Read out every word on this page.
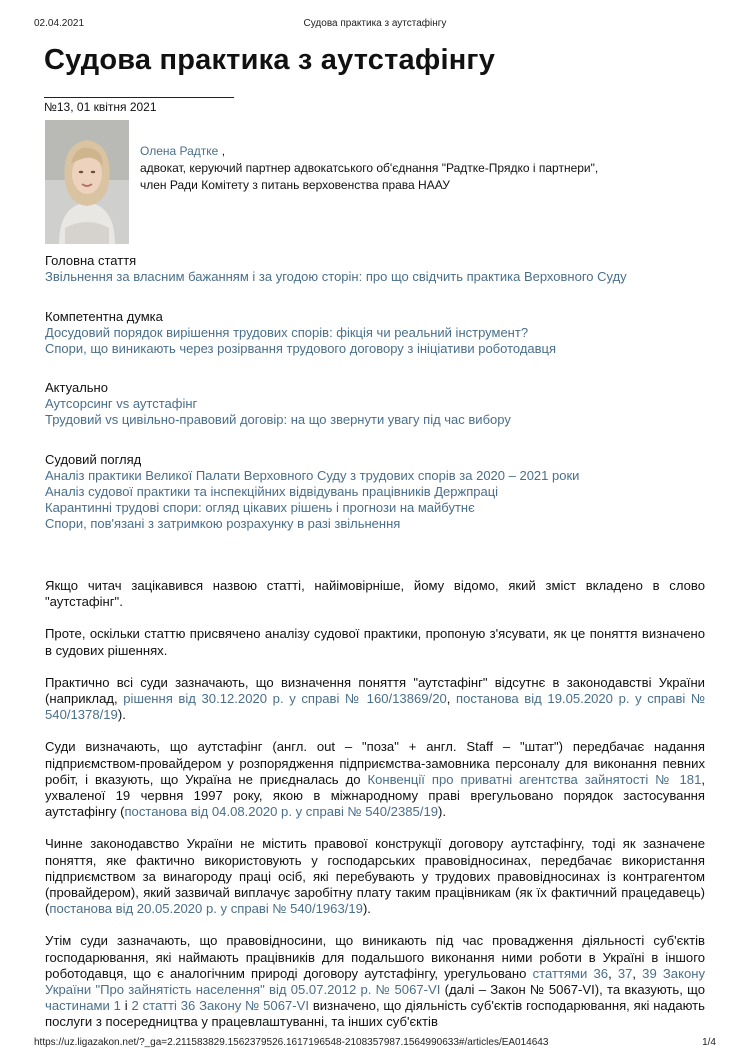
02.04.2021	Судова практика з аутстафінгу
Судова практика з аутстафінгу
№13, 01 квітня 2021
Олена Радтке ,
адвокат, керуючий партнер адвокатського об'єднання "Радтке-Прядко і партнери",
член Ради Комітету з питань верховенства права НААУ
Головна стаття
Звільнення за власним бажанням і за угодою сторін: про що свідчить практика Верховного Суду
Компетентна думка
Досудовий порядок вирішення трудових спорів: фікція чи реальний інструмент?
Спори, що виникають через розірвання трудового договору з ініціативи роботодавця
Актуально
Аутсорсинг vs аутстафінг
Трудовий vs цивільно-правовий договір: на що звернути увагу під час вибору
Судовий погляд
Аналіз практики Великої Палати Верховного Суду з трудових спорів за 2020 – 2021 роки
Аналіз судової практики та інспекційних відвідувань працівників Держпраці
Карантинні трудові спори: огляд цікавих рішень і прогнози на майбутнє
Спори, пов'язані з затримкою розрахунку в разі звільнення

Якщо читач зацікавився назвою статті, найімовірніше, йому відомо, який зміст вкладено в слово "аутстафінг".

Проте, оскільки статтю присвячено аналізу судової практики, пропоную з'ясувати, як це поняття визначено в судових рішеннях.

Практично всі суди зазначають, що визначення поняття "аутстафінг" відсутнє в законодавстві України (наприклад, рішення від 30.12.2020 р. у справі № 160/13869/20, постанова від 19.05.2020 р. у справі № 540/1378/19).

Суди визначають, що аутстафінг (англ. out – "поза" + англ. Staff – "штат") передбачає надання підприємством-провайдером у розпорядження підприємства-замовника персоналу для виконання певних робіт, і вказують, що Україна не приєдналась до Конвенції про приватні агентства зайнятості № 181, ухваленої 19 червня 1997 року, якою в міжнародному праві врегульовано порядок застосування аутстафінгу (постанова від 04.08.2020 р. у справі № 540/2385/19).

Чинне законодавство України не містить правової конструкції договору аутстафінгу, тоді як зазначене поняття, яке фактично використовують у господарських правовідносинах, передбачає використання підприємством за винагороду праці осіб, які перебувають у трудових правовідносинах із контрагентом (провайдером), який зазвичай виплачує заробітну плату таким працівникам (як їх фактичний працедавець) (постанова від 20.05.2020 р. у справі № 540/1963/19).

Утім суди зазначають, що правовідносини, що виникають під час провадження діяльності суб'єктів господарювання, які наймають працівників для подальшого виконання ними роботи в Україні в іншого роботодавця, що є аналогічним природі договору аутстафінгу, урегульовано статтями 36, 37, 39 Закону України "Про зайнятість населення" від 05.07.2012 р. № 5067-VI (далі – Закон № 5067-VI), та вказують, що частинами 1 і 2 статті 36 Закону № 5067-VI визначено, що діяльність суб'єктів господарювання, які надають послуги з посередництва у працевлаштуванні, та інших суб'єктів

https://uz.ligazakon.net/?_ga=2.211583829.1562379526.1617196548-2108357987.1564990633#/articles/EA014643	1/4
